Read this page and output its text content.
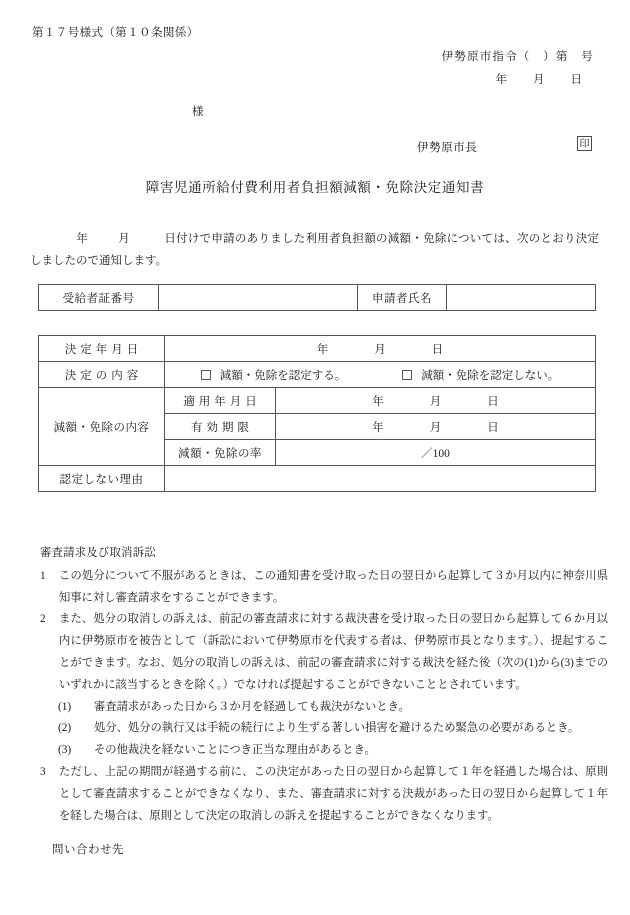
第１７号様式（第１０条関係）
伊勢原市指令（　）第　号
年　　月　　日
様
伊勢原市長	印
障害児通所給付費利用者負担額減額・免除決定通知書
年	月	日付けで申請のありました利用者負担額の減額・免除については、次のとおり決定しましたので通知します。
受給者証番号		申請者氏名	
決定年月日	年　　　　月　　　　日	
決定の内容	減額・免除を認定する。 減額・免除を認定しない。	
減額・免除の内容	適用年月日	年　　　　月　　　　日
	有効期限	年　　　　月　　　　日
	減額・免除の率	／100
認定しない理由		
審査請求及び取消訴訟
1	この処分について不服があるときは、この通知書を受け取った日の翌日から起算して３か月以内に神奈川県知事に対し審査請求をすることができます。
2	また、処分の取消しの訴えは、前記の審査請求に対する裁決書を受け取った日の翌日から起算して６か月以内に伊勢原市を被告として（訴訟において伊勢原市を代表する者は、伊勢原市長となります。）、提起することができます。なお、処分の取消しの訴えは、前記の審査請求に対する裁決を経た後（次の(1)から(3)までのいずれかに該当するときを除く。）でなければ提起することができないこととされています。
(1)	審査請求があった日から３か月を経過しても裁決がないとき。
(2)	処分、処分の執行又は手続の続行により生ずる著しい損害を避けるため緊急の必要があるとき。
(3)	その他裁決を経ないことにつき正当な理由があるとき。
3	ただし、上記の期間が経過する前に、この決定があった日の翌日から起算して１年を経過した場合は、原則として審査請求することができなくなり、また、審査請求に対する決裁があった日の翌日から起算して１年を経した場合は、原則として決定の取消しの訴えを提起することができなくなります。
問い合わせ先
